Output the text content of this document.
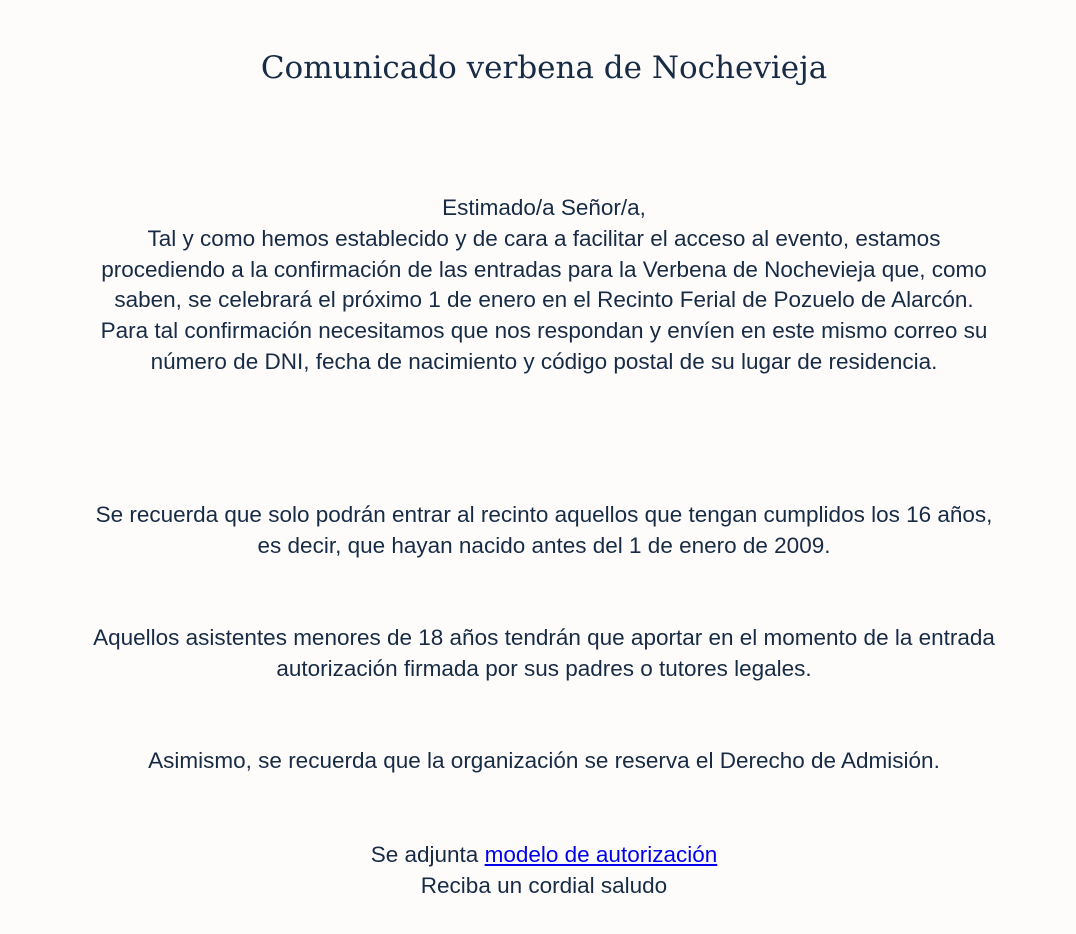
Comunicado verbena de Nochevieja

Estimado/a Señor/a,

Tal y como hemos establecido y de cara a facilitar el acceso al evento, estamos procediendo a la confirmación de las entradas para la Verbena de Nochevieja que, como saben, se celebrará el próximo 1 de enero en el Recinto Ferial de Pozuelo de Alarcón.

Para tal confirmación necesitamos que nos respondan y envíen en este mismo correo su número de DNI, fecha de nacimiento y código postal de su lugar de residencia.

Se recuerda que solo podrán entrar al recinto aquellos que tengan cumplidos los 16 años, es decir, que hayan nacido antes del 1 de enero de 2009.

Aquellos asistentes menores de 18 años tendrán que aportar en el momento de la entrada autorización firmada por sus padres o tutores legales.

Asimismo, se recuerda que la organización se reserva el Derecho de Admisión.

Se adjunta modelo de autorización

Reciba un cordial saludo
